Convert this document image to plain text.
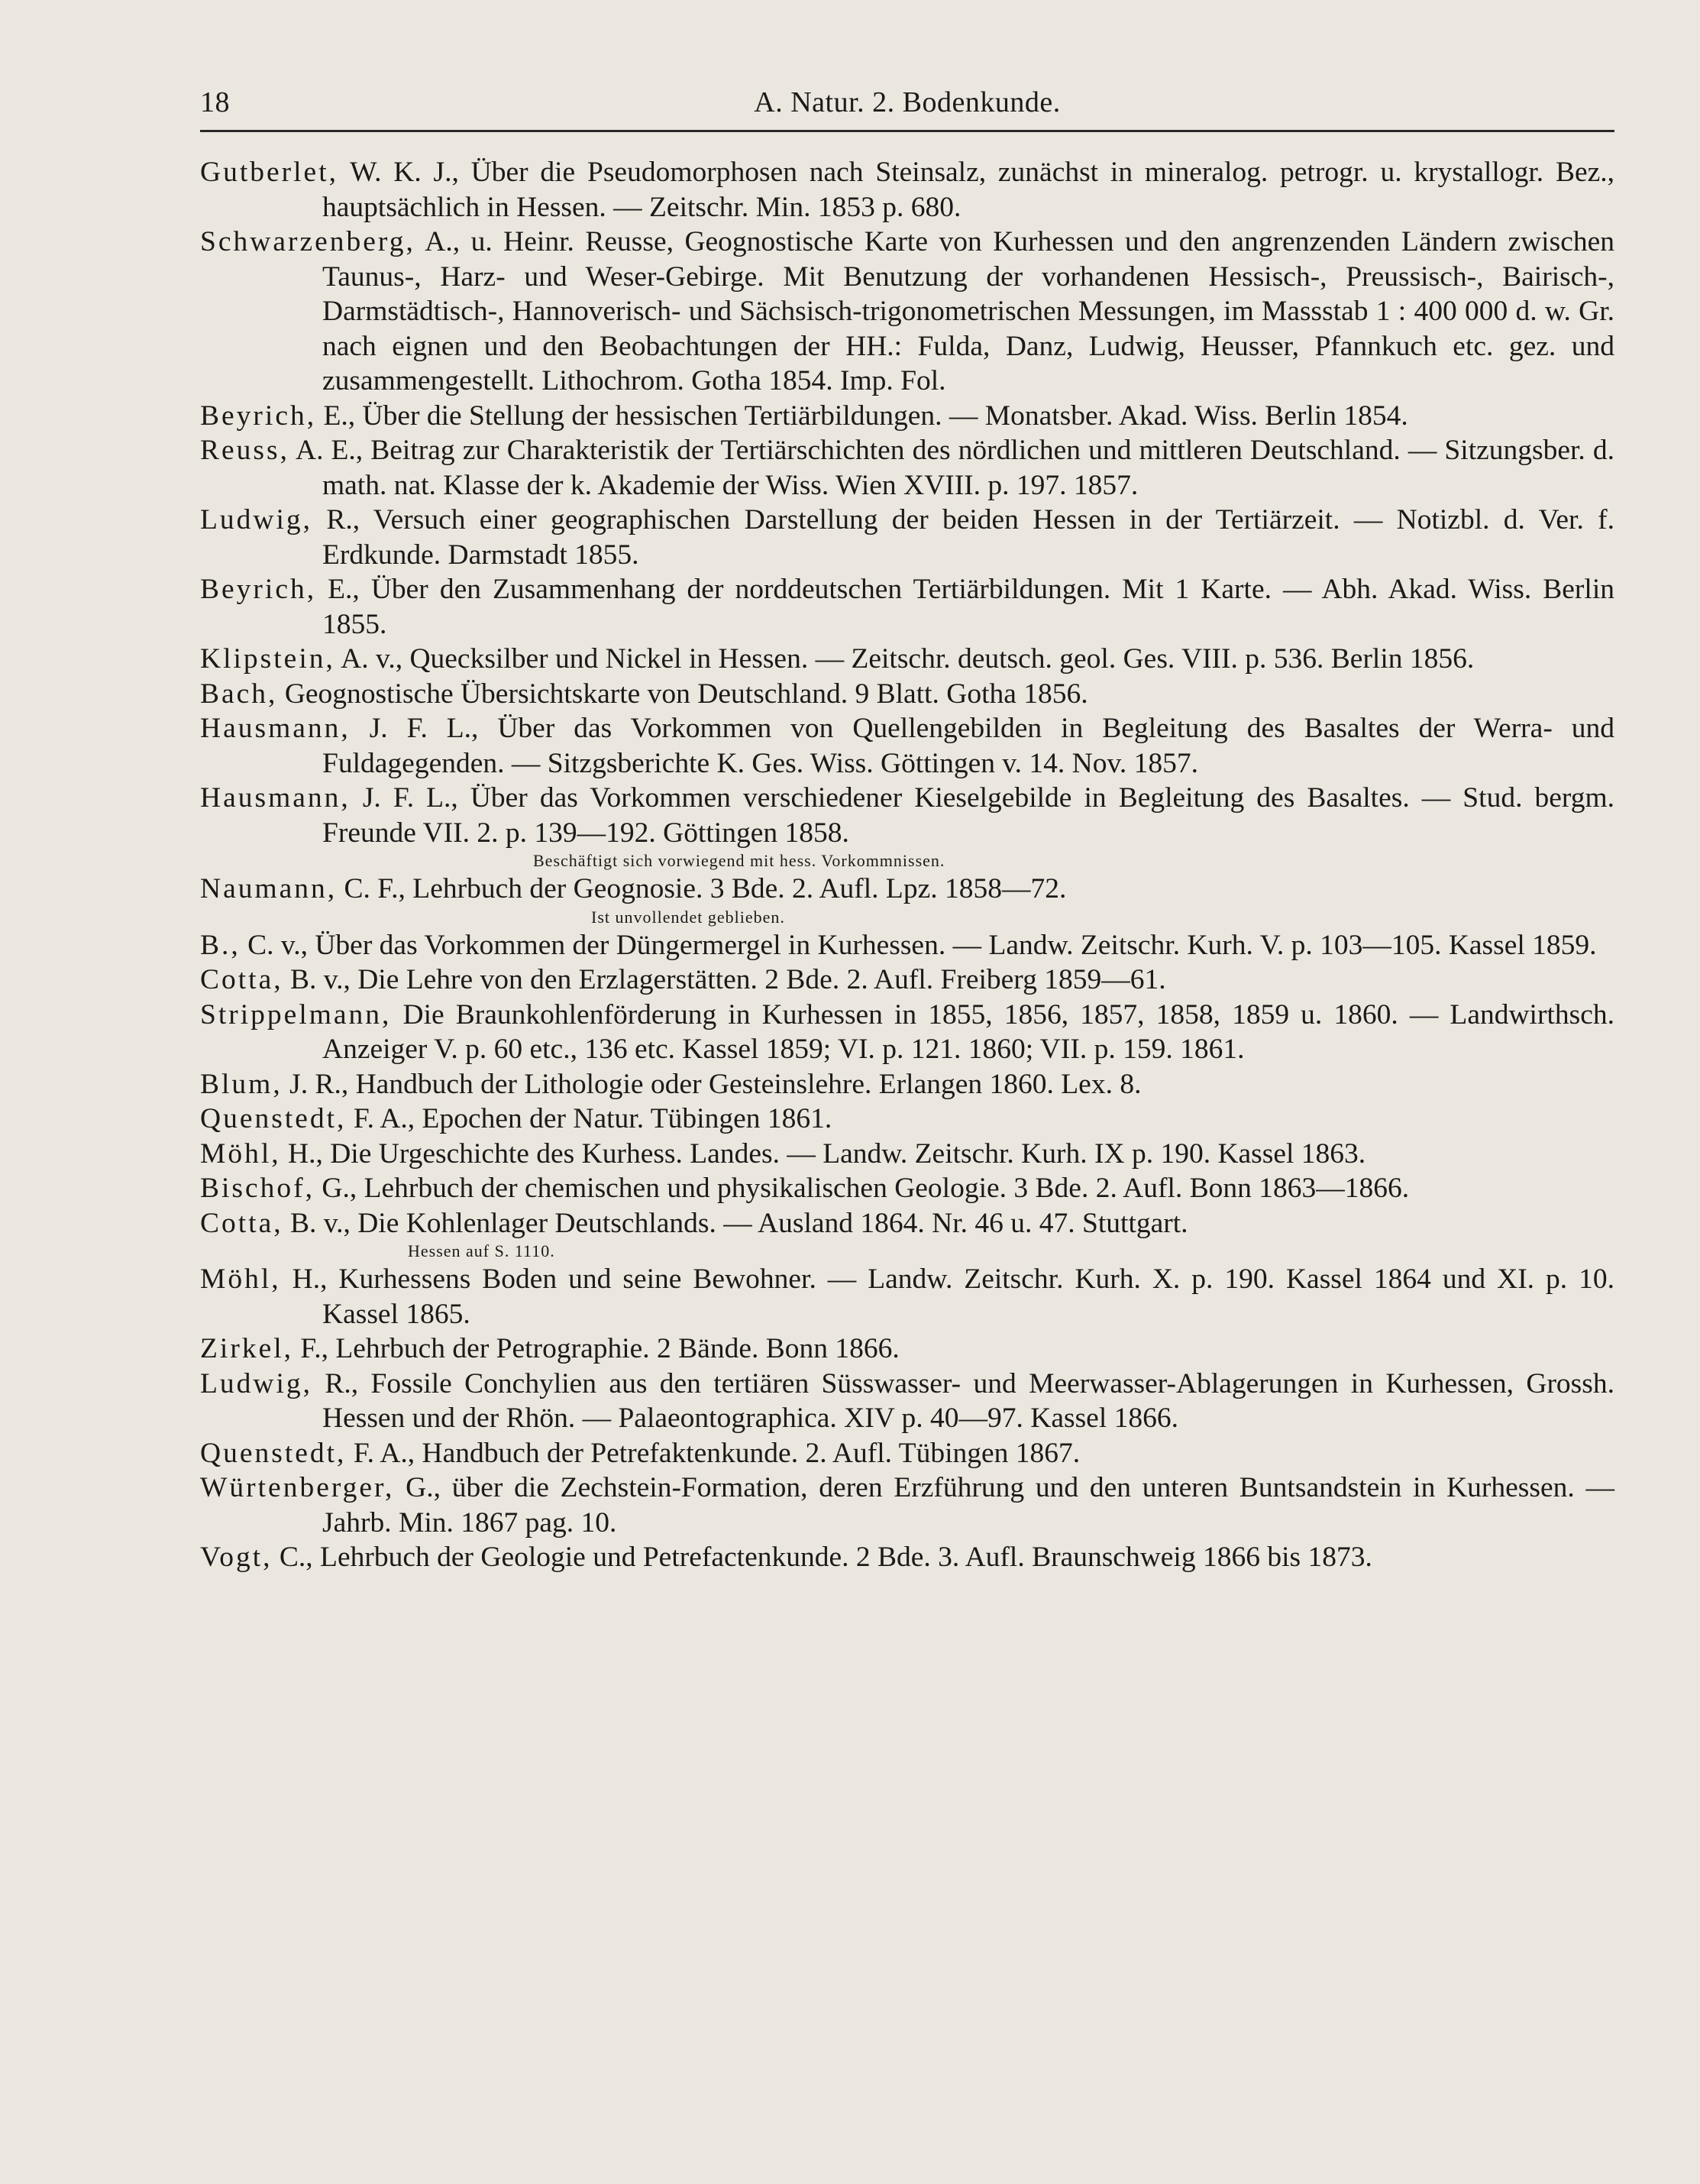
18	A. Natur. 2. Bodenkunde.

Gutberlet, W. K. J., Über die Pseudomorphosen nach Steinsalz, zunächst in mineralog. petrogr. u. krystallogr. Bez., hauptsächlich in Hessen. — Zeitschr. Min. 1853 p. 680.

Schwarzenberg, A., u. Heinr. Reusse, Geognostische Karte von Kurhessen und den angrenzenden Ländern zwischen Taunus-, Harz- und Weser-Gebirge. Mit Benutzung der vorhandenen Hessisch-, Preussisch-, Bairisch-, Darmstädtisch-, Hannoverisch- und Sächsisch-trigonometrischen Messungen, im Massstab 1 : 400 000 d. w. Gr. nach eignen und den Beobachtungen der HH.: Fulda, Danz, Ludwig, Heusser, Pfannkuch etc. gez. und zusammengestellt. Lithochrom. Gotha 1854. Imp. Fol.

Beyrich, E., Über die Stellung der hessischen Tertiärbildungen. — Monatsber. Akad. Wiss. Berlin 1854.

Reuss, A. E., Beitrag zur Charakteristik der Tertiärschichten des nördlichen und mittleren Deutschland. — Sitzungsber. d. math. nat. Klasse der k. Akademie der Wiss. Wien XVIII. p. 197. 1857.

Ludwig, R., Versuch einer geographischen Darstellung der beiden Hessen in der Tertiärzeit. — Notizbl. d. Ver. f. Erdkunde. Darmstadt 1855.

Beyrich, E., Über den Zusammenhang der norddeutschen Tertiärbildungen. Mit 1 Karte. — Abh. Akad. Wiss. Berlin 1855.

Klipstein, A. v., Quecksilber und Nickel in Hessen. — Zeitschr. deutsch. geol. Ges. VIII. p. 536. Berlin 1856.

Bach, Geognostische Übersichtskarte von Deutschland. 9 Blatt. Gotha 1856.

Hausmann, J. F. L., Über das Vorkommen von Quellengebilden in Begleitung des Basaltes der Werra- und Fuldagegenden. — Sitzgsberichte K. Ges. Wiss. Göttingen v. 14. Nov. 1857.

Hausmann, J. F. L., Über das Vorkommen verschiedener Kieselgebilde in Begleitung des Basaltes. — Stud. bergm. Freunde VII. 2. p. 139—192. Göttingen 1858.

Beschäftigt sich vorwiegend mit hess. Vorkommnissen.

Naumann, C. F., Lehrbuch der Geognosie. 3 Bde. 2. Aufl. Lpz. 1858—72.

Ist unvollendet geblieben.

B., C. v., Über das Vorkommen der Düngermergel in Kurhessen. — Landw. Zeitschr. Kurh. V. p. 103—105. Kassel 1859.

Cotta, B. v., Die Lehre von den Erzlagerstätten. 2 Bde. 2. Aufl. Freiberg 1859—61.

Strippelmann, Die Braunkohlenförderung in Kurhessen in 1855, 1856, 1857, 1858, 1859 u. 1860. — Landwirthsch. Anzeiger V. p. 60 etc., 136 etc. Kassel 1859; VI. p. 121. 1860; VII. p. 159. 1861.

Blum, J. R., Handbuch der Lithologie oder Gesteinslehre. Erlangen 1860. Lex. 8.

Quenstedt, F. A., Epochen der Natur. Tübingen 1861.

Möhl, H., Die Urgeschichte des Kurhess. Landes. — Landw. Zeitschr. Kurh. IX p. 190. Kassel 1863.

Bischof, G., Lehrbuch der chemischen und physikalischen Geologie. 3 Bde. 2. Aufl. Bonn 1863—1866.

Cotta, B. v., Die Kohlenlager Deutschlands. — Ausland 1864. Nr. 46 u. 47. Stuttgart.

Hessen auf S. 1110.

Möhl, H., Kurhessens Boden und seine Bewohner. — Landw. Zeitschr. Kurh. X. p. 190. Kassel 1864 und XI. p. 10. Kassel 1865.

Zirkel, F., Lehrbuch der Petrographie. 2 Bände. Bonn 1866.

Ludwig, R., Fossile Conchylien aus den tertiären Süsswasser- und Meerwasser-Ablagerungen in Kurhessen, Grossh. Hessen und der Rhön. — Palaeontographica. XIV p. 40—97. Kassel 1866.

Quenstedt, F. A., Handbuch der Petrefaktenkunde. 2. Aufl. Tübingen 1867.

Würtenberger, G., über die Zechstein-Formation, deren Erzführung und den unteren Buntsandstein in Kurhessen. — Jahrb. Min. 1867 pag. 10.

Vogt, C., Lehrbuch der Geologie und Petrefactenkunde. 2 Bde. 3. Aufl. Braunschweig 1866 bis 1873.
